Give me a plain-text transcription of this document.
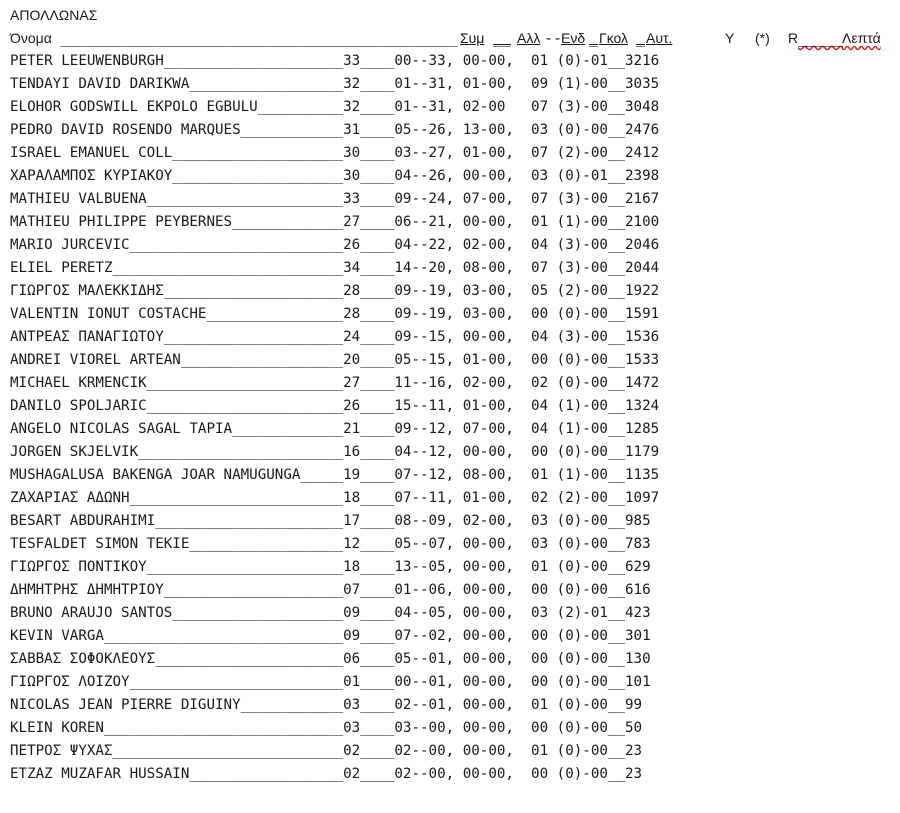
ΑΠΟΛΛΩΝΑΣ
Όνομα ____________________________________________ Συμ __ Αλλ --
Ενδ _ Γκολ _ Αυτ.	Υ (*) R _____
Λεπτά
PETER LEEUWENBURGH_____________________33____00--33, 00-00,  01 (0)-01__3216
TENDAYI DAVID DARIKWA__________________32____01--31, 01-00,  09 (1)-00__3035
ELOHOR GODSWILL EKPOLO EGBULU__________32____01--31, 02-00   07 (3)-00__3048
PEDRO DAVID ROSENDO MARQUES____________31____05--26, 13-00,  03 (0)-00__2476
ISRAEL EMANUEL COLL____________________30____03--27, 01-00,  07 (2)-00__2412
ΧΑΡΑΛΑΜΠΟΣ ΚΥΡΙΑΚΟΥ____________________30____04--26, 00-00,  03 (0)-01__2398
MATHIEU VALBUENA_______________________33____09--24, 07-00,  07 (3)-00__2167
MATHIEU PHILIPPE PEYBERNES_____________27____06--21, 00-00,  01 (1)-00__2100
MARIO JURCEVIC_________________________26____04--22, 02-00,  04 (3)-00__2046
ELIEL PERETZ___________________________34____14--20, 08-00,  07 (3)-00__2044
ΓΙΩΡΓΟΣ ΜΑΛΕΚΚΙΔΗΣ_____________________28____09--19, 03-00,  05 (2)-00__1922
VALENTIN IONUT COSTACHE________________28____09--19, 03-00,  00 (0)-00__1591
ΑΝΤΡΕΑΣ ΠΑΝΑΓΙΩΤΟΥ_____________________24____09--15, 00-00,  04 (3)-00__1536
ANDREI VIOREL ARTEAN___________________20____05--15, 01-00,  00 (0)-00__1533
MICHAEL KRMENCIK_______________________27____11--16, 02-00,  02 (0)-00__1472
DANILO SPOLJARIC_______________________26____15--11, 01-00,  04 (1)-00__1324
ANGELO NICOLAS SAGAL TAPIA_____________21____09--12, 07-00,  04 (1)-00__1285
JORGEN SKJELVIK________________________16____04--12, 00-00,  00 (0)-00__1179
MUSHAGALUSA BAKENGA JOAR NAMUGUNGA_____19____07--12, 08-00,  01 (1)-00__1135
ΖΑΧΑΡΙΑΣ ΑΔΩΝΗ_________________________18____07--11, 01-00,  02 (2)-00__1097
BESART ABDURAHIMI______________________17____08--09, 02-00,  03 (0)-00__985
TESFALDET SIMON TEKIE__________________12____05--07, 00-00,  03 (0)-00__783
ΓΙΩΡΓΟΣ ΠΟΝΤΙΚΟΥ_______________________18____13--05, 00-00,  01 (0)-00__629
ΔΗΜΗΤΡΗΣ ΔΗΜΗΤΡΙΟΥ_____________________07____01--06, 00-00,  00 (0)-00__616
BRUNO ARAUJO SANTOS____________________09____04--05, 00-00,  03 (2)-01__423
KEVIN VARGA____________________________09____07--02, 00-00,  00 (0)-00__301
ΣΑΒΒΑΣ ΣΟΦΟΚΛΕΟΥΣ______________________06____05--01, 00-00,  00 (0)-00__130
ΓΙΩΡΓΟΣ ΛΟΙΖΟΥ_________________________01____00--01, 00-00,  00 (0)-00__101
NICOLAS JEAN PIERRE DIGUINY____________03____02--01, 00-00,  01 (0)-00__99
KLEIN KOREN____________________________03____03--00, 00-00,  00 (0)-00__50
ΠΕΤΡΟΣ ΨΥΧΑΣ___________________________02____02--00, 00-00,  01 (0)-00__23
ETZAZ MUZAFAR HUSSAIN__________________02____02--00, 00-00,  00 (0)-00__23
